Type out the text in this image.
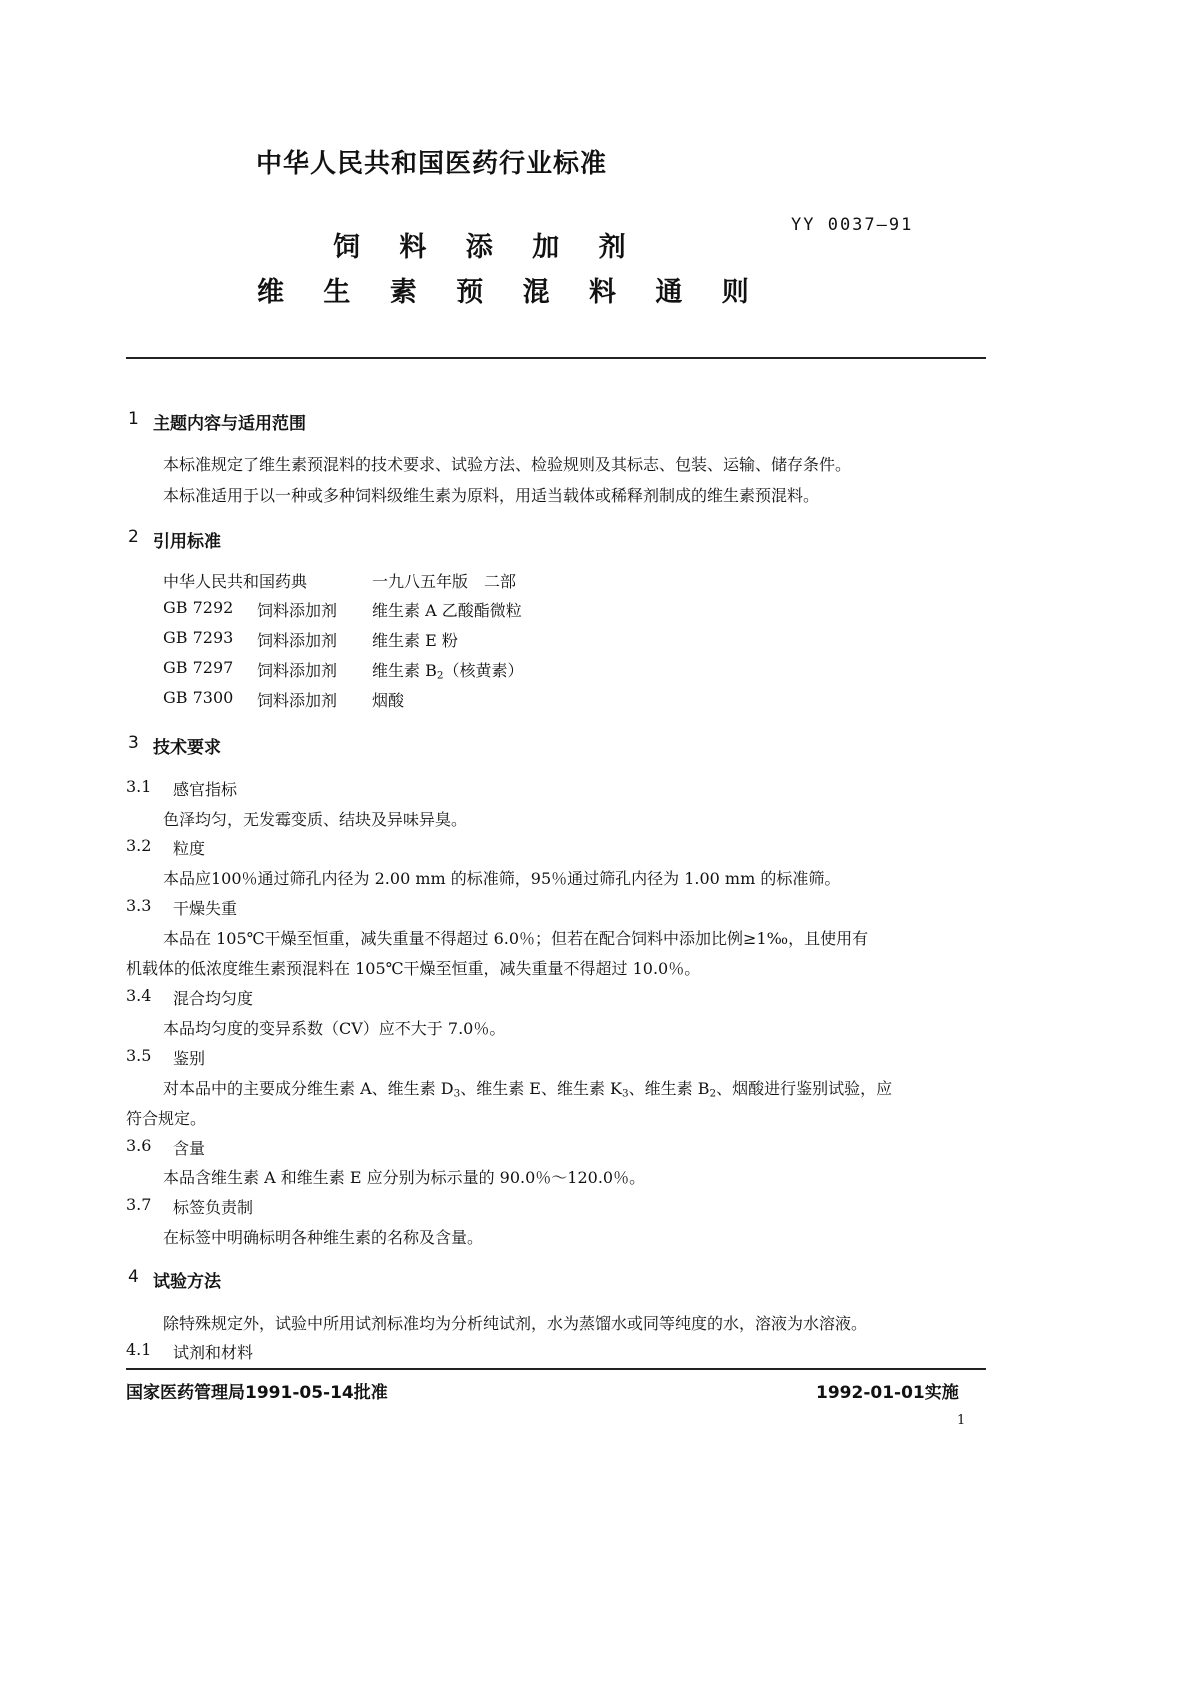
中华人民共和国医药行业标准
YY 0037—91
饲 料 添 加 剂
维 生 素 预 混 料 通 则
1 主题内容与适用范围
本标准规定了维生素预混料的技术要求、试验方法、检验规则及其标志、包装、运输、储存条件。
本标准适用于以一种或多种饲料级维生素为原料，用适当载体或稀释剂制成的维生素预混料。
2 引用标准
中华人民共和国药典	一九八五年版 二部
GB 7292	饲料添加剂 维生素 A 乙酸酯微粒
GB 7293	饲料添加剂 维生素 E 粉
GB 7297	饲料添加剂 维生素 $B_2$（核黄素）
GB 7300	饲料添加剂 烟酸
3 技术要求
3.1 感官指标
色泽均匀，无发霉变质、结块及异味异臭。
3.2 粒度
本品应100％通过筛孔内径为 2.00 mm 的标准筛，95％通过筛孔内径为 1.00 mm 的标准筛。
3.3 干燥失重
本品在 105℃干燥至恒重，减失重量不得超过 6.0％；但若在配合饲料中添加比例≥1‰，且使用有
机载体的低浓度维生素预混料在 105℃干燥至恒重，减失重量不得超过 10.0％。
3.4 混合均匀度
本品均匀度的变异系数（CV）应不大于 7.0％。
3.5 鉴别
对本品中的主要成分维生素 A、维生素 $D_3$、维生素 E、维生素 $K_3$、维生素 $B_2$、烟酸进行鉴别试验，应
符合规定。
3.6 含量
本品含维生素 A 和维生素 E 应分别为标示量的 90.0％～120.0％。
3.7 标签负责制
在标签中明确标明各种维生素的名称及含量。
4 试验方法
除特殊规定外，试验中所用试剂标准均为分析纯试剂，水为蒸馏水或同等纯度的水，溶液为水溶液。
4.1 试剂和材料
国家医药管理局1991-05-14批准	1992-01-01实施
1
